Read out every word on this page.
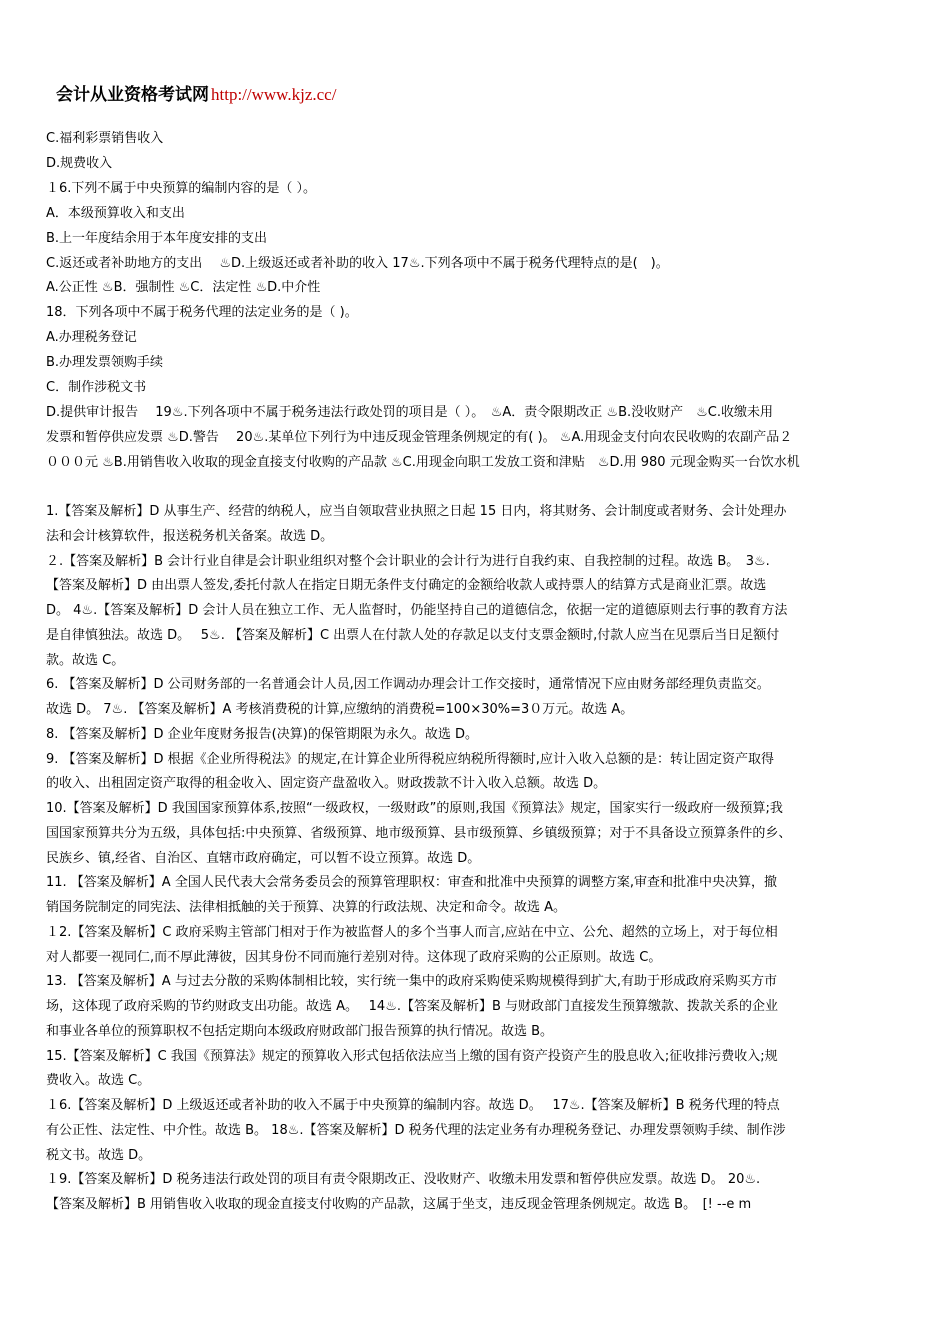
会计从业资格考试网 http://www.kjz.cc/
C.福利彩票销售收入
D.规费收入
１6.下列不属于中央预算的编制内容的是（ ）。
A．本级预算收入和支出
B.上一年度结余用于本年度安排的支出
C.返还或者补助地方的支出　 ♨D.上级返还或者补助的收入 17♨.下列各项中不属于税务代理特点的是(　)。
A.公正性 ♨B．强制性 ♨C．法定性 ♨D.中介性
18．下列各项中不属于税务代理的法定业务的是（ )。
A.办理税务登记
B.办理发票领购手续
C．制作涉税文书
D.提供审计报告　 19♨.下列各项中不属于税务违法行政处罚的项目是（ ）。　♨A．责令限期改正 ♨B.没收财产　♨C.收缴未用
发票和暂停供应发票 ♨D.警告　 20♨.某单位下列行为中违反现金管理条例规定的有( )。 ♨A.用现金支付向农民收购的农副产品２
０００元 ♨B.用销售收入收取的现金直接支付收购的产品款 ♨C.用现金向职工发放工资和津贴　♨D.用 980 元现金购买一台饮水机
1.【答案及解析】D 从事生产、经营的纳税人，应当自领取营业执照之日起 15 日内，将其财务、会计制度或者财务、会计处理办
法和会计核算软件，报送税务机关备案。故选 D。
２.【答案及解析】B 会计行业自律是会计职业组织对整个会计职业的会计行为进行自我约束、自我控制的过程。故选 B。　3♨.
【答案及解析】D 由出票人签发,委托付款人在指定日期无条件支付确定的金额给收款人或持票人的结算方式是商业汇票。故选
D。 4♨.【答案及解析】D 会计人员在独立工作、无人监督时，仍能坚持自己的道德信念，依据一定的道德原则去行事的教育方法
是自律慎独法。故选 D。　 5♨. 【答案及解析】C 出票人在付款人处的存款足以支付支票金额时,付款人应当在见票后当日足额付
款。故选 C。
6. 【答案及解析】D 公司财务部的一名普通会计人员,因工作调动办理会计工作交接时，通常情况下应由财务部经理负责监交。
故选 D。 7♨. 【答案及解析】A 考核消费税的计算,应缴纳的消费税=100×30%=3０万元。故选 A。
8. 【答案及解析】D 企业年度财务报告(决算)的保管期限为永久。故选 D。
9. 【答案及解析】D 根据《企业所得税法》的规定,在计算企业所得税应纳税所得额时,应计入收入总额的是：转让固定资产取得
的收入、出租固定资产取得的租金收入、固定资产盘盈收入。财政拨款不计入收入总额。故选 D。
10.【答案及解析】D 我国国家预算体系,按照“一级政权，一级财政”的原则,我国《预算法》规定，国家实行一级政府一级预算;我
国国家预算共分为五级，具体包括:中央预算、省级预算、地市级预算、县市级预算、乡镇级预算；对于不具备设立预算条件的乡、
民族乡、镇,经省、自治区、直辖市政府确定，可以暂不设立预算。故选 D。
11. 【答案及解析】A 全国人民代表大会常务委员会的预算管理职权：审查和批准中央预算的调整方案,审查和批准中央决算，撤
销国务院制定的同宪法、法律相抵触的关于预算、决算的行政法规、决定和命令。故选 A。
１2.【答案及解析】C 政府采购主管部门相对于作为被监督人的多个当事人而言,应站在中立、公允、超然的立场上，对于每位相
对人都要一视同仁,而不厚此薄彼，因其身份不同而施行差别对待。这体现了政府采购的公正原则。故选 C。
13. 【答案及解析】A 与过去分散的采购体制相比较，实行统一集中的政府采购使采购规模得到扩大,有助于形成政府采购买方市
场，这体现了政府采购的节约财政支出功能。故选 A。　 14♨.【答案及解析】B 与财政部门直接发生预算缴款、拨款关系的企业
和事业各单位的预算职权不包括定期向本级政府财政部门报告预算的执行情况。故选 B。
15.【答案及解析】C 我国《预算法》规定的预算收入形式包括依法应当上缴的国有资产投资产生的股息收入;征收排污费收入;规
费收入。故选 C。
１6.【答案及解析】D 上级返还或者补助的收入不属于中央预算的编制内容。故选 D。　 17♨.【答案及解析】B 税务代理的特点
有公正性、法定性、中介性。故选 B。 18♨.【答案及解析】D 税务代理的法定业务有办理税务登记、办理发票领购手续、制作涉
税文书。故选 D。
１9.【答案及解析】D 税务违法行政处罚的项目有责令限期改正、没收财产、收缴未用发票和暂停供应发票。故选 D。 20♨.
【答案及解析】B 用销售收入收取的现金直接支付收购的产品款，这属于坐支，违反现金管理条例规定。故选 B。　[! --e m
